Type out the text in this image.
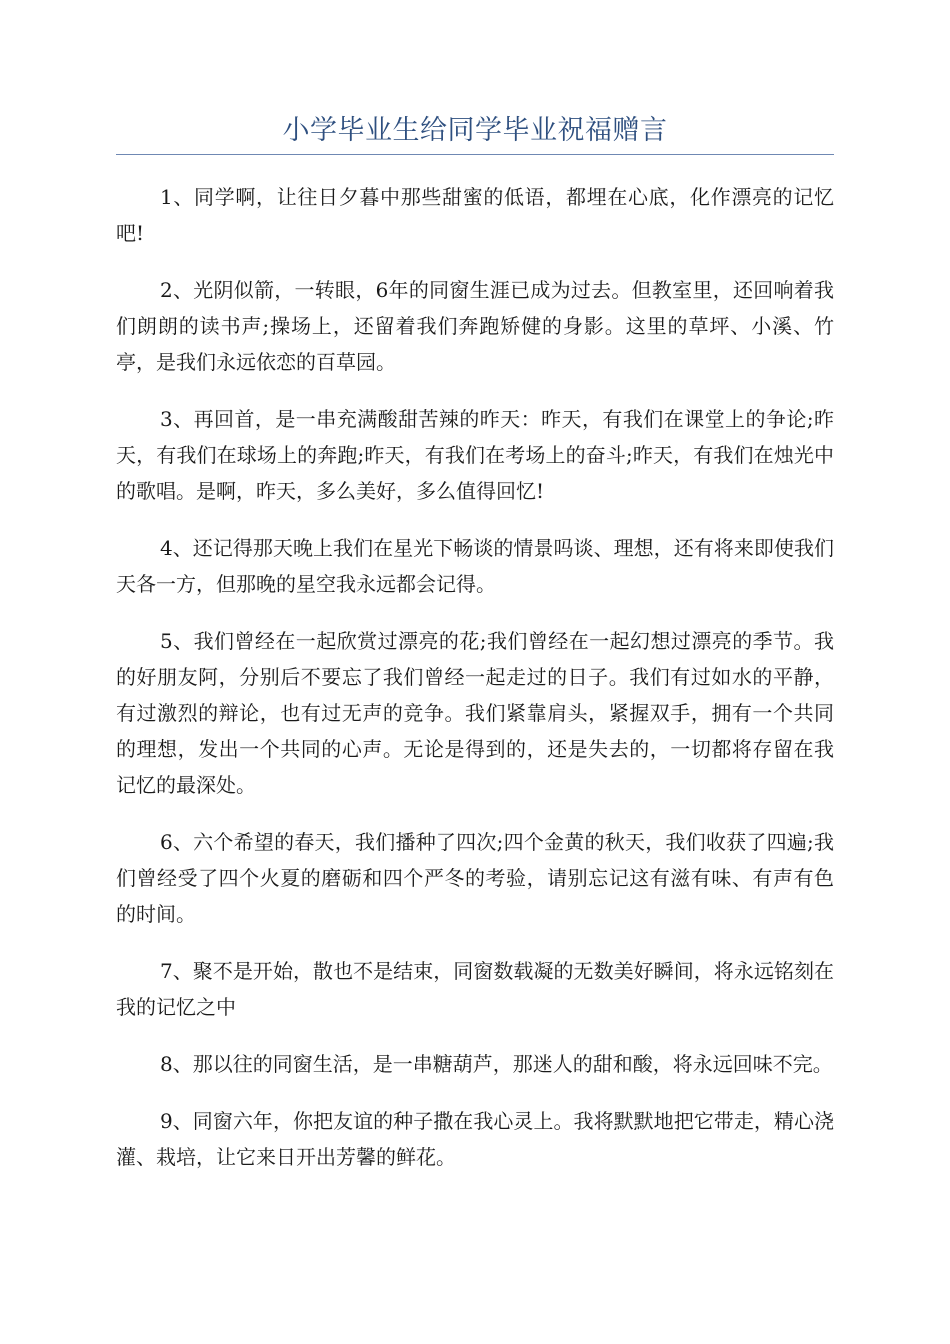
小学毕业生给同学毕业祝福赠言

1、同学啊，让往日夕暮中那些甜蜜的低语，都埋在心底，化作漂亮的记忆吧!

2、光阴似箭，一转眼，6年的同窗生涯已成为过去。但教室里，还回响着我们朗朗的读书声;操场上，还留着我们奔跑矫健的身影。这里的草坪、小溪、竹亭，是我们永远依恋的百草园。

3、再回首，是一串充满酸甜苦辣的昨天：昨天，有我们在课堂上的争论;昨天，有我们在球场上的奔跑;昨天，有我们在考场上的奋斗;昨天，有我们在烛光中的歌唱。是啊，昨天，多么美好，多么值得回忆!

4、还记得那天晚上我们在星光下畅谈的情景吗谈、理想，还有将来即使我们天各一方，但那晚的星空我永远都会记得。

5、我们曾经在一起欣赏过漂亮的花;我们曾经在一起幻想过漂亮的季节。我的好朋友阿，分别后不要忘了我们曾经一起走过的日子。我们有过如水的平静，有过激烈的辩论，也有过无声的竞争。我们紧靠肩头，紧握双手，拥有一个共同的理想，发出一个共同的心声。无论是得到的，还是失去的，一切都将存留在我记忆的最深处。

6、六个希望的春天，我们播种了四次;四个金黄的秋天，我们收获了四遍;我们曾经受了四个火夏的磨砺和四个严冬的考验，请别忘记这有滋有味、有声有色的时间。

7、聚不是开始，散也不是结束，同窗数载凝的无数美好瞬间，将永远铭刻在我的记忆之中

8、那以往的同窗生活，是一串糖葫芦，那迷人的甜和酸，将永远回味不完。

9、同窗六年，你把友谊的种子撒在我心灵上。我将默默地把它带走，精心浇灌、栽培，让它来日开出芳馨的鲜花。
